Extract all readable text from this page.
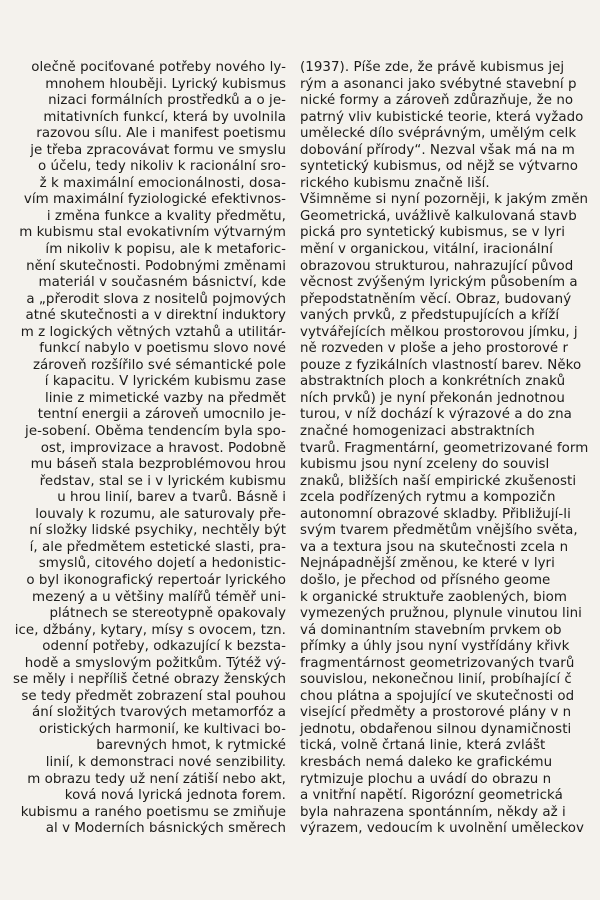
olečně pociťované potřeby nového ly-
mnohem hlouběji. Lyrický kubismus
nizaci formálních prostředků a o je-
mitativních funkcí, která by uvolnila
razovou sílu. Ale i manifest poetismu
je třeba zpracovávat formu ve smyslu
o účelu, tedy nikoliv k racionální sro-
ž k maximální emocionálnosti, dosa-
vím maximální fyziologické efektivnos-
i změna funkce a kvality předmětu,
m kubismu stal evokativním výtvarným
ím nikoliv k popisu, ale k metaforic-
nění skutečnosti. Podobnými změnami
materiál v současném básnictví, kde
a „přerodit slova z nositelů pojmových
atné skutečnosti a v direktní induktory
m z logických větných vztahů a utilitár-
funkcí nabylo v poetismu slovo nové
zároveň rozšířilo své sémantické pole
í kapacitu. V lyrickém kubismu zase
linie z mimetické vazby na předmět
tentní energii a zároveň umocnilo je-
je-sobení. Oběma tendencím byla spo-
ost, improvizace a hravost. Podobně
mu báseň stala bezproblémovou hrou
ředstav, stal se i v lyrickém kubismu
u hrou linií, barev a tvarů. Básně i
louvaly k rozumu, ale saturovaly pře-
ní složky lidské psychiky, nechtěly být
í, ale předmětem estetické slasti, pra-
smyslů, citového dojetí a hedonistic-
o byl ikonografický repertoár lyrického
mezený a u většiny malířů téměř uni-
plátnech se stereotypně opakovaly
ice, džbány, kytary, mísy s ovocem, tzn.
odenní potřeby, odkazující k bezsta-
hodě a smyslovým požitkům. Týtéž vý-
se měly i nepříliš četné obrazy ženských
se tedy předmět zobrazení stal pouhou
ání složitých tvarových metamorfóz a
oristických harmonií, ke kultivaci bo-
barevných hmot, k rytmické
linií, k demonstraci nové senzibility.
m obrazu tedy už není zátiší nebo akt,
ková nová lyrická jednota forem.
kubismu a raného poetismu se zmiňuje
al v Moderních básnických směrech
(1937). Píše zde, že právě kubismus jej
rým a asonanci jako svébytné stavební p
nické formy a zároveň zdůrazňuje, že no
patrný vliv kubistické teorie, která vyžado
umělecké dílo svéprávným, umělým celk
dobování přírody“. Nezval však má na m
syntetický kubismus, od nějž se výtvarno
rického kubismu značně liší.
Všimněme si nyní pozorněji, k jakým změn
Geometrická, uvážlivě kalkulovaná stavb
pická pro syntetický kubismus, se v lyri
mění v organickou, vitální, iracionální
obrazovou strukturou, nahrazující původ
věcnost zvýšeným lyrickým působením a
přepodstatněním věcí. Obraz, budovaný
vaných prvků, z předstupujících a kříží
vytvářejících mělkou prostorovou jímku, j
ně rozveden v ploše a jeho prostorové r
pouze z fyzikálních vlastností barev. Něko
abstraktních ploch a konkrétních znaků
ních prvků) je nyní překonán jednotnou
turou, v níž dochází k výrazové a do zna
značné homogenizaci abstraktních
tvarů. Fragmentární, geometrizované form
kubismu jsou nyní zceleny do souvisl
znaků, bližších naší empirické zkušenosti
zcela podřízených rytmu a kompozičn
autonomní obrazové skladby. Přibližují-li
svým tvarem předmětům vnějšího světa,
va a textura jsou na skutečnosti zcela n
Nejnápadnější změnou, ke které v lyri
došlo, je přechod od přísného geome
k organické struktuře zaoblených, biom
vymezených pružnou, plynule vinutou lini
vá dominantním stavebním prvkem ob
přímky a úhly jsou nyní vystřídány křivk
fragmentárnost geometrizovaných tvarů
souvislou, nekonečnou linií, probíhající č
chou plátna a spojující ve skutečnosti od
visející předměty a prostorové plány v n
jednotu, obdařenou silnou dynamičnosti
tická, volně črtaná linie, která zvlášt
kresbách nemá daleko ke grafickému
rytmizuje plochu a uvádí do obrazu n
a vnitřní napětí. Rigorózní geometrická
byla nahrazena spontánním, někdy až i
výrazem, vedoucím k uvolnění uměleckov
